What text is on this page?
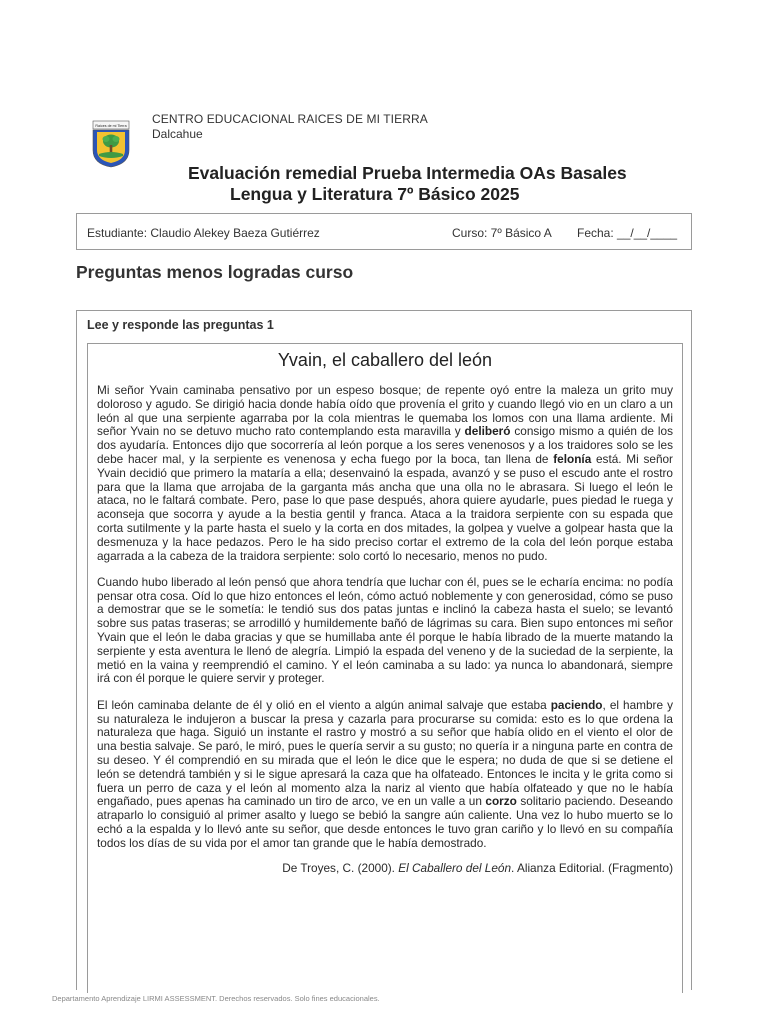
Raíces de mi Tierra CENTRO EDUCACIONAL RAICES DE MI TIERRA
Dalcahue
Evaluación remedial Prueba Intermedia OAs Basales
Lengua y Literatura 7º Básico 2025
Estudiante: Claudio Alekey Baeza Gutiérrez	Curso: 7º Básico A Fecha: __/__/____
Preguntas menos logradas curso
Lee y responde las preguntas 1
Yvain, el caballero del león

Mi señor Yvain caminaba pensativo por un espeso bosque; de repente oyó entre la maleza un grito muy doloroso y agudo. Se dirigió hacia donde había oído que provenía el grito y cuando llegó vio en un claro a un león al que una serpiente agarraba por la cola mientras le quemaba los lomos con una llama ardiente. Mi señor Yvain no se detuvo mucho rato contemplando esta maravilla y deliberó consigo mismo a quién de los dos ayudaría. Entonces dijo que socorrería al león porque a los seres venenosos y a los traidores solo se les debe hacer mal, y la serpiente es venenosa y echa fuego por la boca, tan llena de felonía está. Mi señor Yvain decidió que primero la mataría a ella; desenvainó la espada, avanzó y se puso el escudo ante el rostro para que la llama que arrojaba de la garganta más ancha que una olla no le abrasara. Si luego el león le ataca, no le faltará combate. Pero, pase lo que pase después, ahora quiere ayudarle, pues piedad le ruega y aconseja que socorra y ayude a la bestia gentil y franca. Ataca a la traidora serpiente con su espada que corta sutilmente y la parte hasta el suelo y la corta en dos mitades, la golpea y vuelve a golpear hasta que la desmenuza y la hace pedazos. Pero le ha sido preciso cortar el extremo de la cola del león porque estaba agarrada a la cabeza de la traidora serpiente: solo cortó lo necesario, menos no pudo.

Cuando hubo liberado al león pensó que ahora tendría que luchar con él, pues se le echaría encima: no podía pensar otra cosa. Oíd lo que hizo entonces el león, cómo actuó noblemente y con generosidad, cómo se puso a demostrar que se le sometía: le tendió sus dos patas juntas e inclinó la cabeza hasta el suelo; se levantó sobre sus patas traseras; se arrodilló y humildemente bañó de lágrimas su cara. Bien supo entonces mi señor Yvain que el león le daba gracias y que se humillaba ante él porque le había librado de la muerte matando la serpiente y esta aventura le llenó de alegría. Limpió la espada del veneno y de la suciedad de la serpiente, la metió en la vaina y reemprendió el camino. Y el león caminaba a su lado: ya nunca lo abandonará, siempre irá con él porque le quiere servir y proteger.

El león caminaba delante de él y olió en el viento a algún animal salvaje que estaba paciendo, el hambre y su naturaleza le indujeron a buscar la presa y cazarla para procurarse su comida: esto es lo que ordena la naturaleza que haga. Siguió un instante el rastro y mostró a su señor que había olido en el viento el olor de una bestia salvaje. Se paró, le miró, pues le quería servir a su gusto; no quería ir a ninguna parte en contra de su deseo. Y él comprendió en su mirada que el león le dice que le espera; no duda de que si se detiene el león se detendrá también y si le sigue apresará la caza que ha olfateado. Entonces le incita y le grita como si fuera un perro de caza y el león al momento alza la nariz al viento que había olfateado y que no le había engañado, pues apenas ha caminado un tiro de arco, ve en un valle a un corzo solitario paciendo. Deseando atraparlo lo consiguió al primer asalto y luego se bebió la sangre aún caliente. Una vez lo hubo muerto se lo echó a la espalda y lo llevó ante su señor, que desde entonces le tuvo gran cariño y lo llevó en su compañía todos los días de su vida por el amor tan grande que le había demostrado.

De Troyes, C. (2000). El Caballero del León. Alianza Editorial. (Fragmento)

Departamento Aprendizaje LIRMI ASSESSMENT. Derechos reservados. Solo fines educacionales.
